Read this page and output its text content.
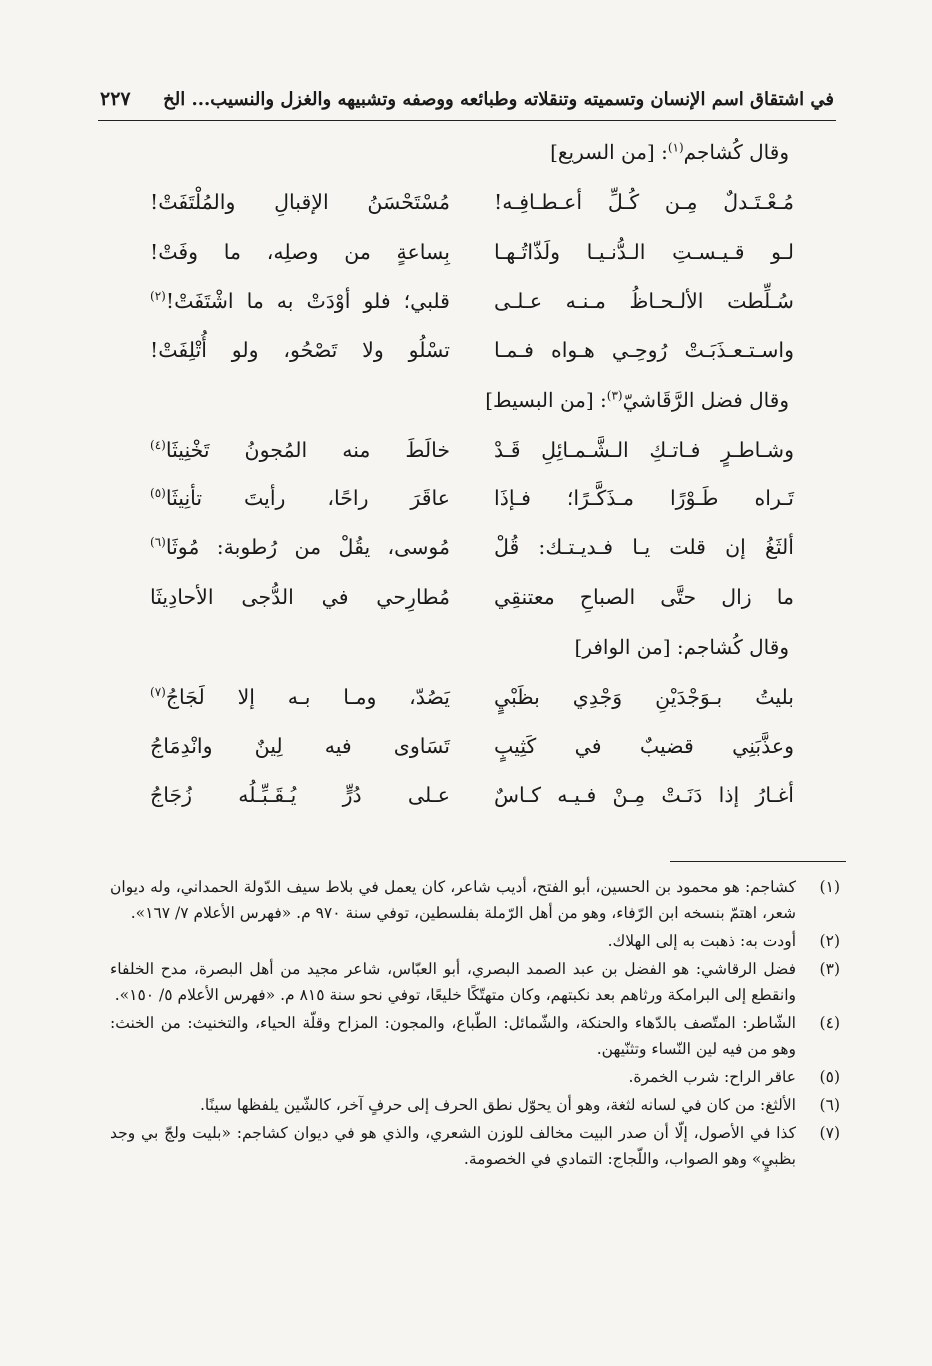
في اشتقاق اسم الإنسان وتسميته وتنقلاته وطبائعه ووصفه وتشبيهه والغزل والنسيب... الخ
٢٢٧
وقال كُشاجم$^{(١)}$: [من السريع]
مُـعْـتَـدلٌ مِـن كُـلِّ أعـطـافِـه!
مُسْتَحْسَنُ الإقبالِ والمُلْتَفَتْ!
لـو قـيـسـتِ الـدُّنـيـا ولَذّاتُـهـا
بِساعةٍ من وصلِه، ما وفَتْ!
سُـلِّطت الألـحـاظُ مـنـه عـلـى
قلبي؛ فلو أوْدَتْ به ما اشْتَفَتْ!$^{(٢)}$
واسـتـعـذَبَـتْ رُوحِـي هـواه فـمـا
تسْلُو ولا تَصْحُو، ولو أُتْلِفَتْ!
وقال فضل الرَّقَاشيّ$^{(٣)}$: [من البسيط]
وشـاطـرٍ فـاتـكِ الـشَّـمـائِلِ قَـدْ
خالَطَ منه المُجونُ تَخْنِيثَا$^{(٤)}$
تَـراه طَـوْرًا مـذَكَّـرًا؛ فـإذَا
عاقَرَ راحًا، رأيتَ تأنِيثَا$^{(٥)}$
ألثَغُ إن قلت يـا فـديـتـك: قُلْ
مُوسى، يقُلْ من رُطوبة: مُوثَا$^{(٦)}$
ما زال حتَّى الصباحِ معتنقِي
مُطارِحي في الدُّجى الأحادِيثَا
وقال كُشاجم: [من الوافر]
بليتُ بـوَجْدَيْنِ وَجْدِي بظَبْيٍ
يَصُدّ، ومـا بـه إلا لَجَاجُ$^{(٧)}$
وعذَّبَنِي قضيبٌ في كَثِيبٍ
تَسَاوى فيه لِينٌ وانْدِمَاجُ
أغـارُ إذا دَنَـتْ مِـنْ فـيـه كـاسٌ
عـلى دُرٍّ يُـقَـبِّـلُه زُجَاجُ
(١)
كشاجم: هو محمود بن الحسين، أبو الفتح، أديب شاعر، كان يعمل في بلاط سيف الدّولة الحمداني، وله ديوان شعر، اهتمّ بنسخه ابن الرّفاء، وهو من أهل الرّملة بفلسطين، توفي سنة ٩٧٠ م. «فهرس الأعلام ٧/ ١٦٧».
(٢)
أودت به: ذهبت به إلى الهلاك.
(٣)
فضل الرقاشي: هو الفضل بن عبد الصمد البصري، أبو العبّاس، شاعر مجيد من أهل البصرة، مدح الخلفاء وانقطع إلى البرامكة ورثاهم بعد نكبتهم، وكان متهتّكًا خليعًا، توفي نحو سنة ٨١٥ م. «فهرس الأعلام ٥/ ١٥٠».
(٤)
الشّاطر: المتّصف بالدّهاء والحنكة، والشّمائل: الطّباع، والمجون: المزاح وقلّة الحياء، والتخنيث: من الخنث: وهو من فيه لين النّساء وتثنّيهن.
(٥)
عاقر الراح: شرب الخمرة.
(٦)
الألثغ: من كان في لسانه لثغة، وهو أن يحوّل نطق الحرف إلى حرفٍ آخر، كالشّين يلفظها سينًا.
(٧)
كذا في الأصول، إلّا أن صدر البيت مخالف للوزن الشعري، والذي هو في ديوان كشاجم: «بليت ولجّ بي وجد بظبيٍ» وهو الصواب، واللّجاج: التمادي في الخصومة.
